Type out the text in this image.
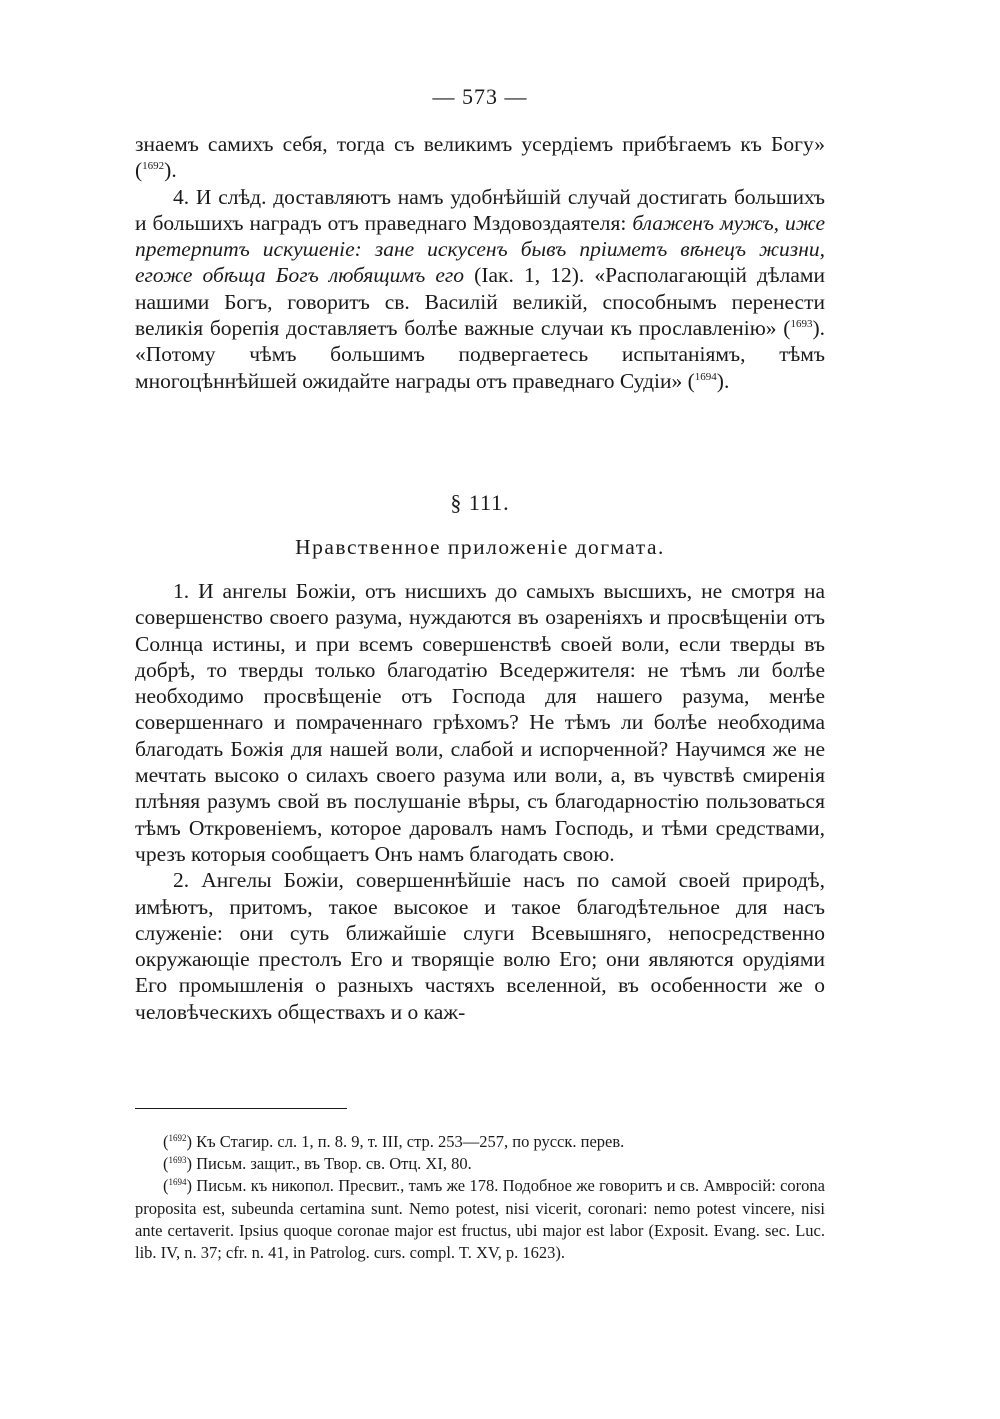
— 573 —

знаемъ самихъ себя, тогда съ великимъ усердіемъ прибѣгаемъ къ Богу» ($^{1692}$).

4. И слѣд. доставляютъ намъ удобнѣйшій случай достигать большихъ и большихъ наградъ отъ праведнаго Мздовоздаятеля: блаженъ мужъ, иже претерпитъ искушеніе: зане искусенъ бывъ пріиметъ вѣнецъ жизни, егоже обѣща Богъ любящимъ его (Іак. 1, 12). «Располагающій дѣлами нашими Богъ, говоритъ св. Василій великій, способнымъ перенести великія борепія доставляетъ болѣе важные случаи къ прославленію» ($^{1693}$). «Потому чѣмъ большимъ подвергаетесь испытаніямъ, тѣмъ многоцѣннѣйшей ожидайте награды отъ праведнаго Судіи» ($^{1694}$).

§ 111.
Нравственное приложеніе догмата.

1. И ангелы Божіи, отъ нисшихъ до самыхъ высшихъ, не смотря на совершенство своего разума, нуждаются въ озареніяхъ и просвѣщеніи отъ Солнца истины, и при всемъ совершенствѣ своей воли, если тверды въ добрѣ, то тверды только благодатію Вседержителя: не тѣмъ ли болѣе необходимо просвѣщеніе отъ Господа для нашего разума, менѣе совершеннаго и помраченнаго грѣхомъ? Не тѣмъ ли болѣе необходима благодать Божія для нашей воли, слабой и испорченной? Научимся же не мечтать высоко о силахъ своего разума или воли, а, въ чувствѣ смиренія плѣняя разумъ свой въ послушаніе вѣры, съ благодарностію пользоваться тѣмъ Откровеніемъ, которое даровалъ намъ Господь, и тѣми средствами, чрезъ которыя сообщаетъ Онъ намъ благодать свою.

2. Ангелы Божіи, совершеннѣйшіе насъ по самой своей природѣ, имѣютъ, притомъ, такое высокое и такое благодѣтельное для насъ служеніе: они суть ближайшіе слуги Всевышняго, непосредственно окружающіе престолъ Его и творящіе волю Его; они являются орудіями Его промышленія о разныхъ частяхъ вселенной, въ особенности же о человѣческихъ обществахъ и о каж-

($^{1692}$) Къ Стагир. сл. 1, п. 8. 9, т. III, стр. 253—257, по русск. перев.

($^{1693}$) Письм. защит., въ Твор. св. Отц. XI, 80.

($^{1694}$) Письм. къ никопол. Пресвит., тамъ же 178. Подобное же говоритъ и св. Амвросій: corona proposita est, subeunda certamina sunt. Nemo potest, nisi vicerit, coronari: nemo potest vincere, nisi ante certaverit. Ipsius quoque coronae major est fructus, ubi major est labor (Exposit. Evang. sec. Luc. lib. IV, n. 37; cfr. n. 41, in Patrolog. curs. compl. T. XV, p. 1623).
